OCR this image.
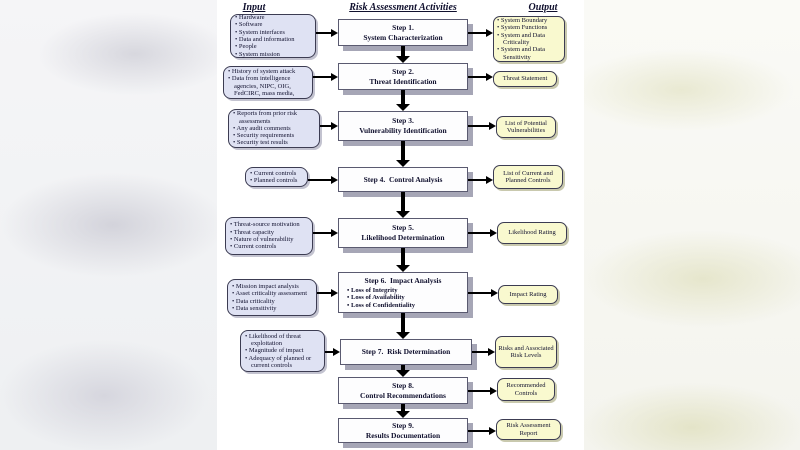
Input	Risk Assessment Activities	Output
• Hardware
• Software
• System interfaces
• Data and information
• People
• System mission
Step 1.
System Characterization
• System Boundary
• System Functions
• System and Data Criticality
• System and Data Sensitivity
• History of system attack
• Data from intelligence agencies, NIPC, OIG, FedCIRC, mass media,
Step 2.
Threat Identification	Threat Statement
• Reports from prior risk assessments
• Any audit comments
• Security requirements
• Security test results
Step 3.
Vulnerability Identification
List of Potential Vulnerabilities
• Current controls
• Planned controls	Step 4.  Control Analysis
List of Current and Planned Controls
• Threat-source motivation
• Threat capacity
• Nature of vulnerability
• Current controls
Step 5.
Likelihood Determination
Likelihood Rating
• Mission impact analysis
• Asset criticality assessment
• Data criticality
• Data sensitivity
Step 6.  Impact Analysis
• Loss of Integrity
• Loss of Availability
• Loss of Confidentiality
Impact Rating
• Likelihood of threat exploitation
• Magnitude of impact
• Adequacy of planned or current controls
Step 7.  Risk Determination	Risks and Associated Risk Levels
Step 8.
Control Recommendations
Recommended Controls
Step 9.
Results Documentation
Risk Assessment Report
